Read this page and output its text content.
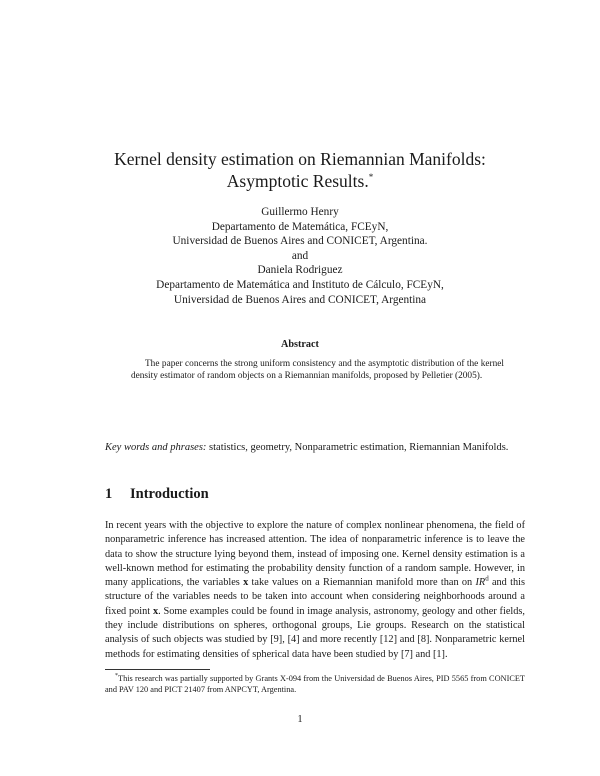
Kernel density estimation on Riemannian Manifolds:
Asymptotic Results.*
Guillermo Henry
Departamento de Matemática, FCEyN,
Universidad de Buenos Aires and CONICET, Argentina.
and
Daniela Rodriguez
Departamento de Matemática and Instituto de Cálculo, FCEyN,
Universidad de Buenos Aires and CONICET, Argentina
Abstract
The paper concerns the strong uniform consistency and the asymptotic distribution of the kernel density estimator of random objects on a Riemannian manifolds, proposed by Pelletier (2005).
Key words and phrases: statistics, geometry, Nonparametric estimation, Riemannian Manifolds.
1 Introduction
In recent years with the objective to explore the nature of complex nonlinear phenomena, the field of nonparametric inference has increased attention. The idea of nonparametric inference is to leave the data to show the structure lying beyond them, instead of imposing one. Kernel density estimation is a well-known method for estimating the probability density function of a random sample. However, in many applications, the variables x take values on a Riemannian manifold more than on $IR^d$ and this structure of the variables needs to be taken into account when considering neighborhoods around a fixed point x. Some examples could be found in image analysis, astronomy, geology and other fields, they include distributions on spheres, orthogonal groups, Lie groups. Research on the statistical analysis of such objects was studied by [9], [4] and more recently [12] and [8]. Nonparametric kernel methods for estimating densities of spherical data have been studied by [7] and [1].
*This research was partially supported by Grants X-094 from the Universidad de Buenos Aires, PID 5565 from CONICET and PAV 120 and PICT 21407 from ANPCYT, Argentina.
1
